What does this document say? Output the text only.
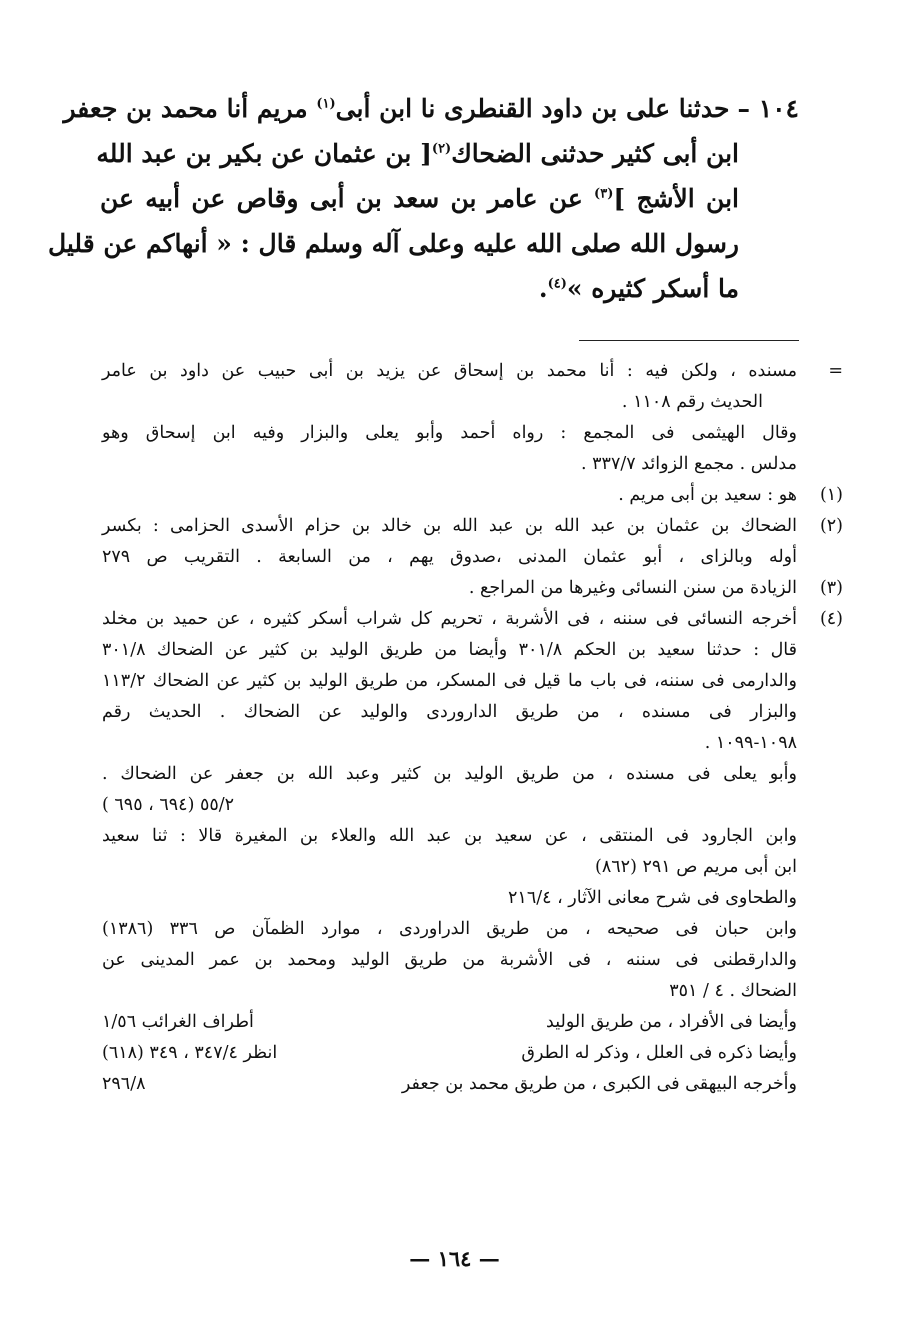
١٠٤ –حدثنا على بن داود القنطرى نا ابن أبى$^{(١)}$ مريم أنا محمد بن جعفر
ابن أبى كثير حدثنى الضحاك$^{(٢)}$[ بن عثمان عن بكير بن عبد الله
ابن الأشج ]$^{(٣)}$ عن عامر بن سعد بن أبى وقاص عن أبيه عن
رسول الله صلى الله عليه وعلى آله وسلم قال : « أنهاكم عن قليل
ما أسكر كثيره »$^{(٤)}$.
=
مسنده ، ولكن فيه : أنا محمد بن إسحاق عن يزيد بن أبى حبيب عن داود بن عامر
الحديث رقم ١١٠٨ .
وقال الهيثمى فى المجمع : رواه أحمد وأبو يعلى والبزار وفيه ابن إسحاق وهو
مدلس . مجمع الزوائد ٣٣٧/٧ .
(١)
هو : سعيد بن أبى مريم .
(٢)
الضحاك بن عثمان بن عبد الله بن عبد الله بن خالد بن حزام الأسدى الحزامى : بكسر
أوله وبالزاى ، أبو عثمان المدنى ،صدوق يهم ، من السابعة . التقريب ص ٢٧٩
(٣)
الزيادة من سنن النسائى وغيرها من المراجع .
(٤)
أخرجه النسائى فى سننه ، فى الأشربة ، تحريم كل شراب أسكر كثيره ، عن حميد بن مخلد
قال : حدثنا سعيد بن الحكم ٣٠١/٨ وأيضا من طريق الوليد بن كثير عن الضحاك ٣٠١/٨
والدارمى فى سننه، فى باب ما قيل فى المسكر، من طريق الوليد بن كثير عن الضحاك ١١٣/٢
والبزار فى مسنده ، من طريق الداروردى والوليد عن الضحاك . الحديث رقم
١٠٩٨-١٠٩٩ .
وأبو يعلى فى مسنده ، من طريق الوليد بن كثير وعبد الله بن جعفر عن الضحاك .
٥٥/٢ (٦٩٤ ، ٦٩٥ )
وابن الجارود فى المنتقى ، عن سعيد بن عبد الله والعلاء بن المغيرة قالا : ثنا سعيد
ابن أبى مريم ص ٢٩١ (٨٦٢)
والطحاوى فى شرح معانى الآثار ، ٢١٦/٤
وابن حبان فى صحيحه ، من طريق الدراوردى ، موارد الظمآن ص ٣٣٦ (١٣٨٦)
والدارقطنى فى سننه ، فى الأشربة من طريق الوليد ومحمد بن عمر المدينى عن
الضحاك . ٤ / ٣٥١
وأيضا فى الأفراد ، من طريق الوليد
أطراف الغرائب ١/٥٦
وأيضا ذكره فى العلل ، وذكر له الطرق
انظر ٣٤٧/٤ ، ٣٤٩ (٦١٨)
وأخرجه البيهقى فى الكبرى ، من طريق محمد بن جعفر
٢٩٦/٨
— ١٦٤ —
